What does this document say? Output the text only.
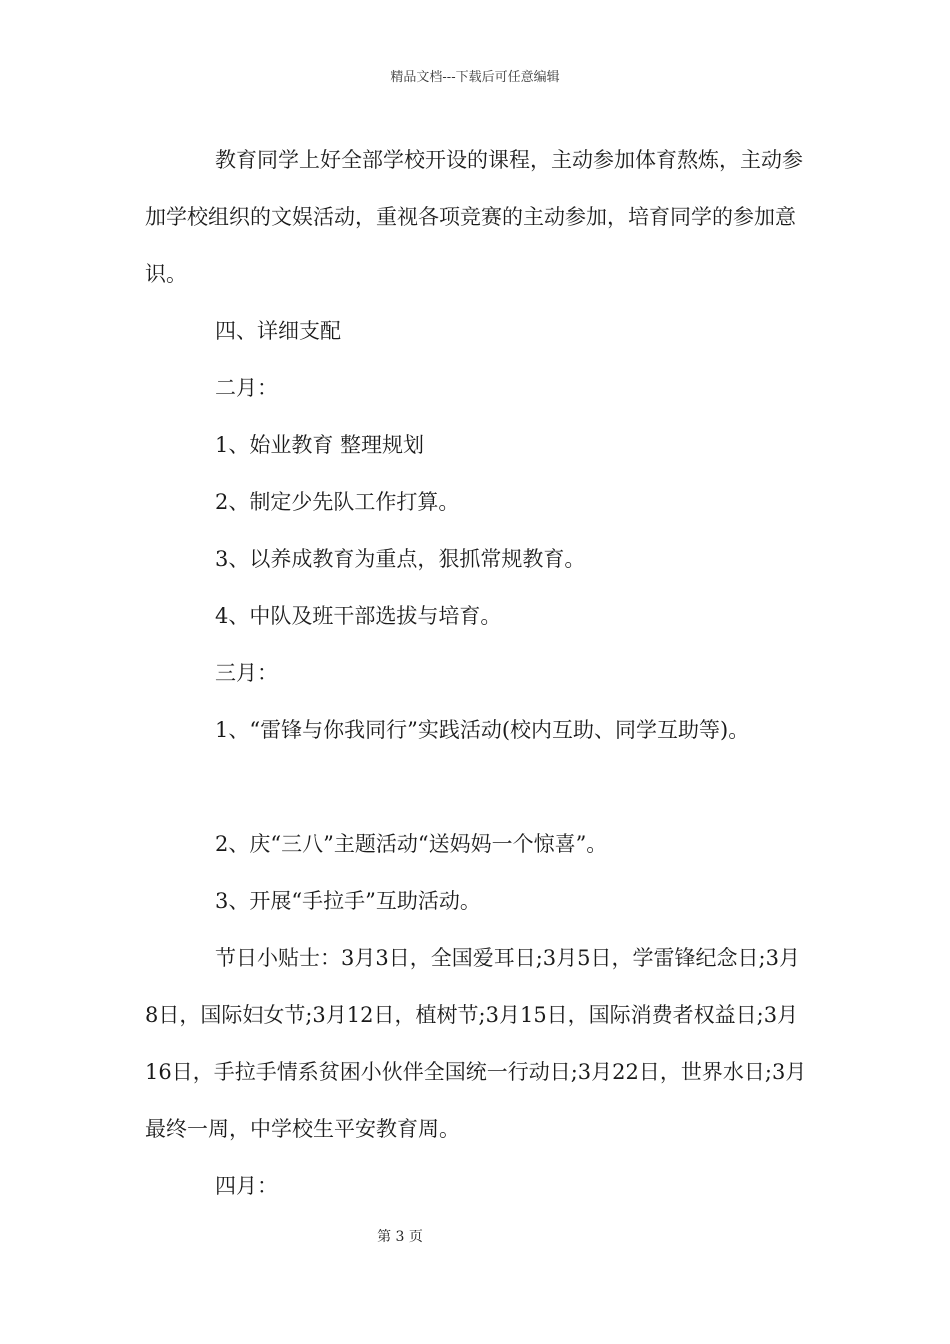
精品文档---下载后可任意编辑

教育同学上好全部学校开设的课程，主动参加体育熬炼，主动参加学校组织的文娱活动，重视各项竞赛的主动参加，培育同学的参加意识。

四、详细支配

二月：

1、始业教育 整理规划

2、制定少先队工作打算。

3、以养成教育为重点，狠抓常规教育。

4、中队及班干部选拔与培育。

三月：

1、“雷锋与你我同行”实践活动(校内互助、同学互助等)。

2、庆“三八”主题活动“送妈妈一个惊喜”。

3、开展“手拉手”互助活动。

节日小贴士：3月3日，全国爱耳日;3月5日，学雷锋纪念日;3月8日，国际妇女节;3月12日，植树节;3月15日，国际消费者权益日;3月16日，手拉手情系贫困小伙伴全国统一行动日;3月22日，世界水日;3月最终一周，中学校生平安教育周。

四月：

第 3 页
